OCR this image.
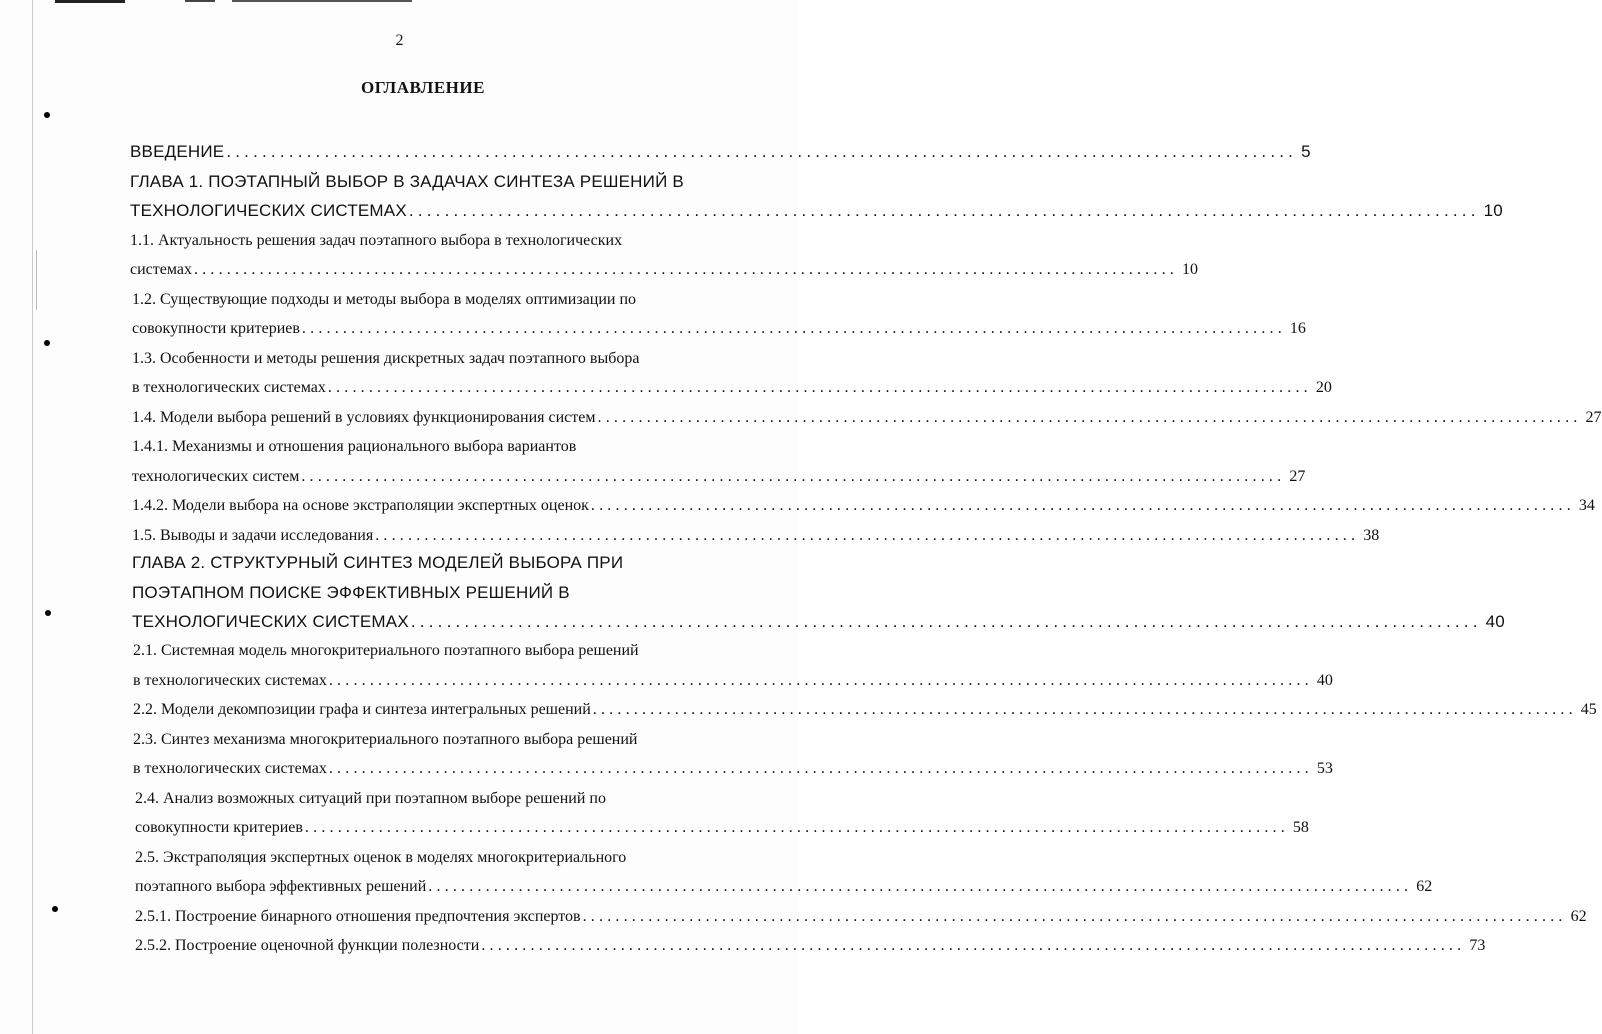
2
ОГЛАВЛЕНИЕ
ВВЕДЕНИЕ ........................................................................................................................ 5
ГЛАВА 1. ПОЭТАПНЫЙ ВЫБОР В ЗАДАЧАХ СИНТЕЗА РЕШЕНИЙ В
ТЕХНОЛОГИЧЕСКИХ СИСТЕМАХ ........................................................................................................................ 10
1.1. Актуальность решения задач поэтапного выбора в технологических
системах ........................................................................................................................ 10
1.2. Существующие подходы и методы выбора в моделях оптимизации по
совокупности критериев ........................................................................................................................ 16
1.3. Особенности и методы решения дискретных задач поэтапного выбора
в технологических системах ........................................................................................................................ 20
1.4. Модели выбора решений в условиях функционирования систем ........................................................................................................................ 27
1.4.1. Механизмы и отношения рационального выбора вариантов
технологических систем ........................................................................................................................ 27
1.4.2. Модели выбора на основе экстраполяции экспертных оценок ........................................................................................................................ 34
1.5. Выводы и задачи исследования ........................................................................................................................ 38
ГЛАВА 2. СТРУКТУРНЫЙ СИНТЕЗ МОДЕЛЕЙ ВЫБОРА ПРИ
ПОЭТАПНОМ ПОИСКЕ ЭФФЕКТИВНЫХ РЕШЕНИЙ В
ТЕХНОЛОГИЧЕСКИХ СИСТЕМАХ ........................................................................................................................ 40
2.1. Системная модель многокритериального поэтапного выбора решений
в технологических системах ........................................................................................................................ 40
2.2. Модели декомпозиции графа и синтеза интегральных решений ........................................................................................................................ 45
2.3. Синтез механизма многокритериального поэтапного выбора решений
в технологических системах ........................................................................................................................ 53
2.4. Анализ возможных ситуаций при поэтапном выборе решений по
совокупности критериев ........................................................................................................................ 58
2.5. Экстраполяция экспертных оценок в моделях многокритериального
поэтапного выбора эффективных решений ........................................................................................................................ 62
2.5.1. Построение бинарного отношения предпочтения экспертов ........................................................................................................................ 62
2.5.2. Построение оценочной функции полезности ........................................................................................................................ 73
